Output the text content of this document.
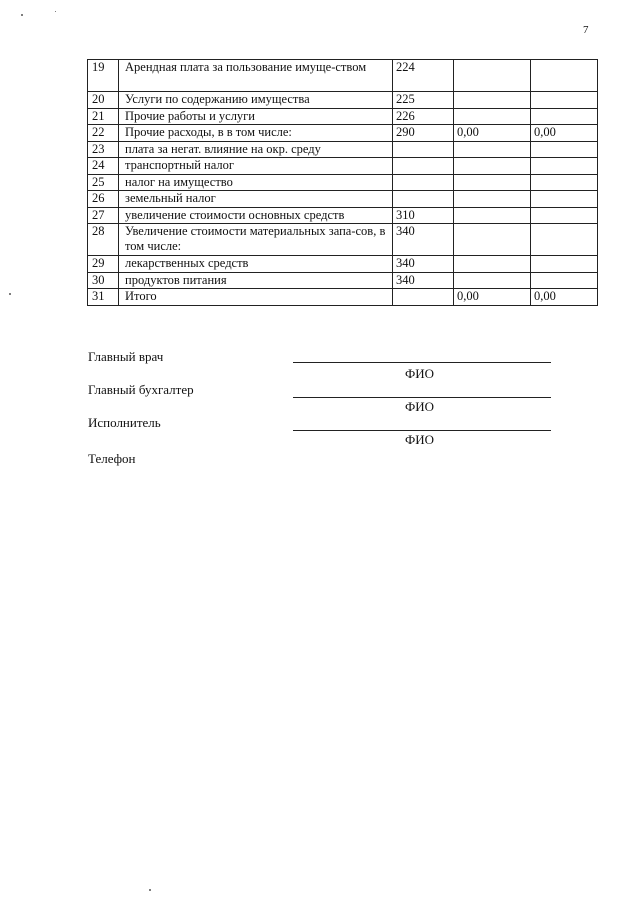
7
19	Арендная плата за пользование имуще-ством	224		
20	Услуги по содержанию имущества	225		
21	Прочие работы и услуги	226		
22	Прочие расходы, в в том числе:	290	0,00	0,00
23	плата за негат. влияние на окр. среду			
24	транспортный налог			
25	налог на имущество			
26	земельный налог			
27	увеличение стоимости основных средств	310		
28	Увеличение стоимости материальных запа-сов, в том числе:	340		
29	лекарственных средств	340		
30	продуктов питания	340		
31	Итого		0,00	0,00
Главный врач
ФИО
Главный бухгалтер
ФИО
Исполнитель
ФИО
Телефон
